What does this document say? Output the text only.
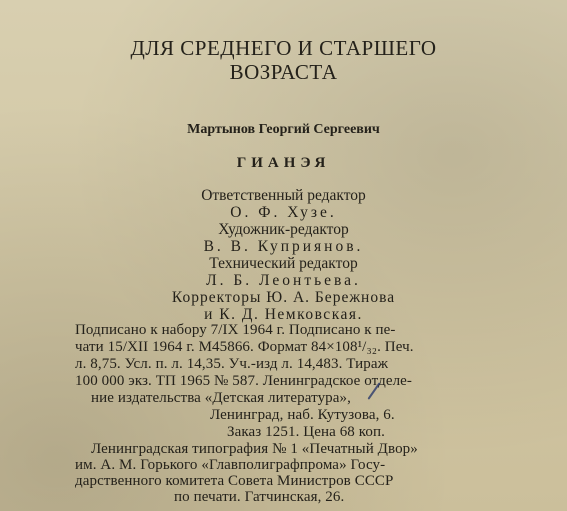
ДЛЯ СРЕДНЕГО И СТАРШЕГО
ВОЗРАСТА
Мартынов Георгий Сергеевич
ГИАНЭЯ
Ответственный редактор
О. Ф. Хузе.
Художник-редактор
В. В. Куприянов.
Технический редактор
Л. Б. Леонтьева.
Корректоры Ю. А. Бережнова
и К. Д. Немковская.
Подписано к набору 7/IX 1964 г. Подписано к пе-
чати 15/XII 1964 г. М45866. Формат 84×108¹/₃₂. Печ.
л. 8,75. Усл. п. л. 14,35. Уч.-изд л. 14,483. Тираж
100 000 экз. ТП 1965 № 587. Ленинградское отделе-
ние издательства «Детская литература»,
Ленинград, наб. Кутузова, 6.
Заказ 1251. Цена 68 коп.
Ленинградская типография № 1 «Печатный Двор»
им. А. М. Горького «Главполиграфпрома» Госу-
дарственного комитета Совета Министров СССР
по печати. Гатчинская, 26.
